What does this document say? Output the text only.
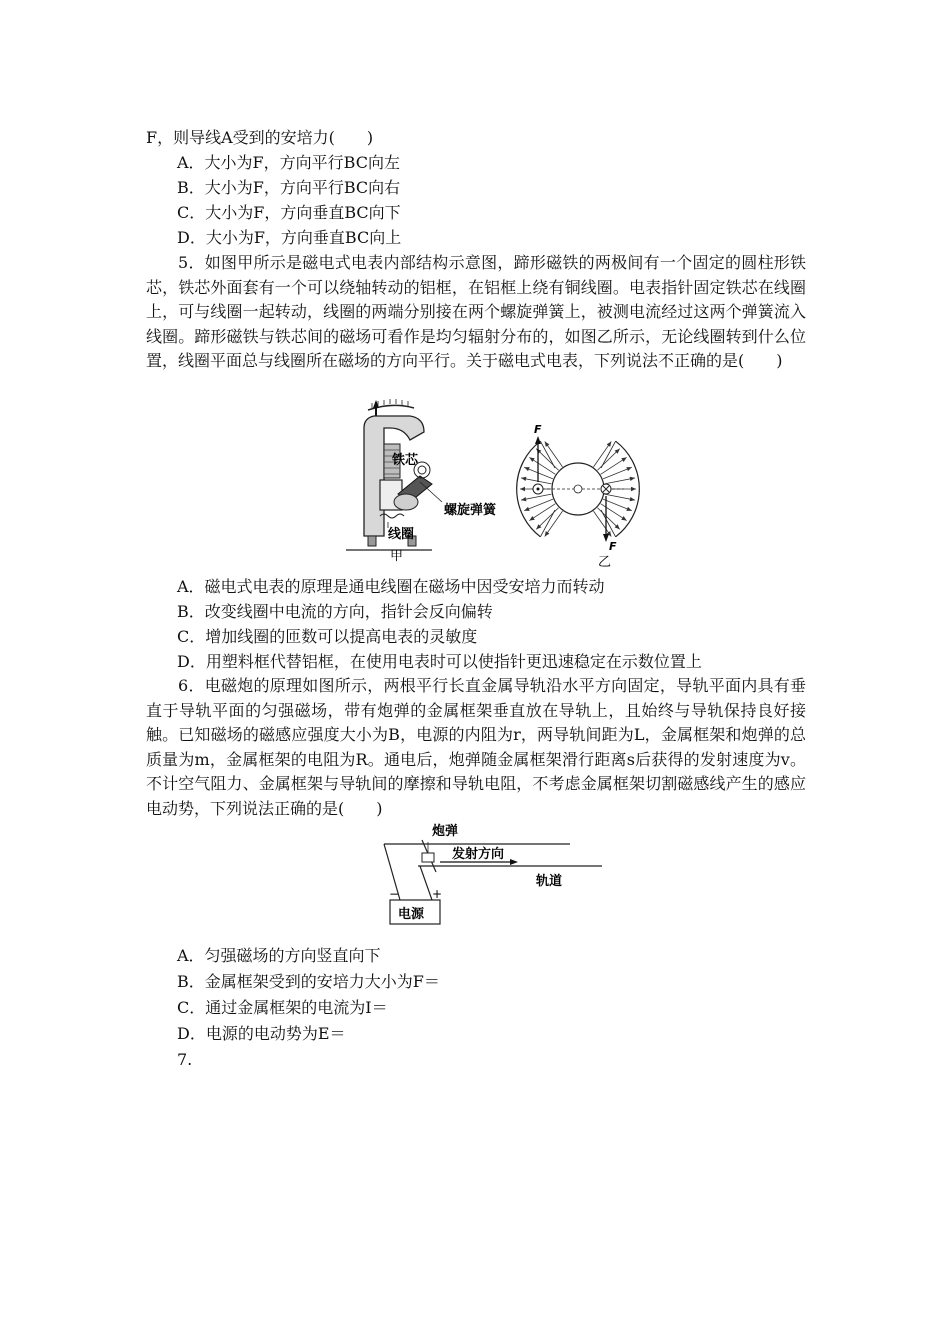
F，则导线A受到的安培力(　　)
A．大小为F，方向平行BC向左
B．大小为F，方向平行BC向右
C．大小为F，方向垂直BC向下
D．大小为F，方向垂直BC向上
5．如图甲所示是磁电式电表内部结构示意图，蹄形磁铁的两极间有一个固定的圆柱形铁芯，铁芯外面套有一个可以绕轴转动的铝框，在铝框上绕有铜线圈。电表指针固定铁芯在线圈上，可与线圈一起转动，线圈的两端分别接在两个螺旋弹簧上，被测电流经过这两个弹簧流入线圈。蹄形磁铁与铁芯间的磁场可看作是均匀辐射分布的，如图乙所示，无论线圈转到什么位置，线圈平面总与线圈所在磁场的方向平行。关于磁电式电表，下列说法不正确的是(　　)
铁芯
螺旋弹簧
线圈
甲
F
F
乙
A．磁电式电表的原理是通电线圈在磁场中因受安培力而转动
B．改变线圈中电流的方向，指针会反向偏转
C．增加线圈的匝数可以提高电表的灵敏度
D．用塑料框代替铝框，在使用电表时可以使指针更迅速稳定在示数位置上
6．电磁炮的原理如图所示，两根平行长直金属导轨沿水平方向固定，导轨平面内具有垂直于导轨平面的匀强磁场，带有炮弹的金属框架垂直放在导轨上，且始终与导轨保持良好接触。已知磁场的磁感应强度大小为B，电源的内阻为r，两导轨间距为L，金属框架和炮弹的总质量为m，金属框架的电阻为R。通电后，炮弹随金属框架滑行距离s后获得的发射速度为v。不计空气阻力、金属框架与导轨间的摩擦和导轨电阻，不考虑金属框架切割磁感线产生的感应电动势，下列说法正确的是(　　)
炮弹
发射方向
轨道
电源
−	+
A．匀强磁场的方向竖直向下
B．金属框架受到的安培力大小为F＝
C．通过金属框架的电流为I＝
D．电源的电动势为E＝
7.
